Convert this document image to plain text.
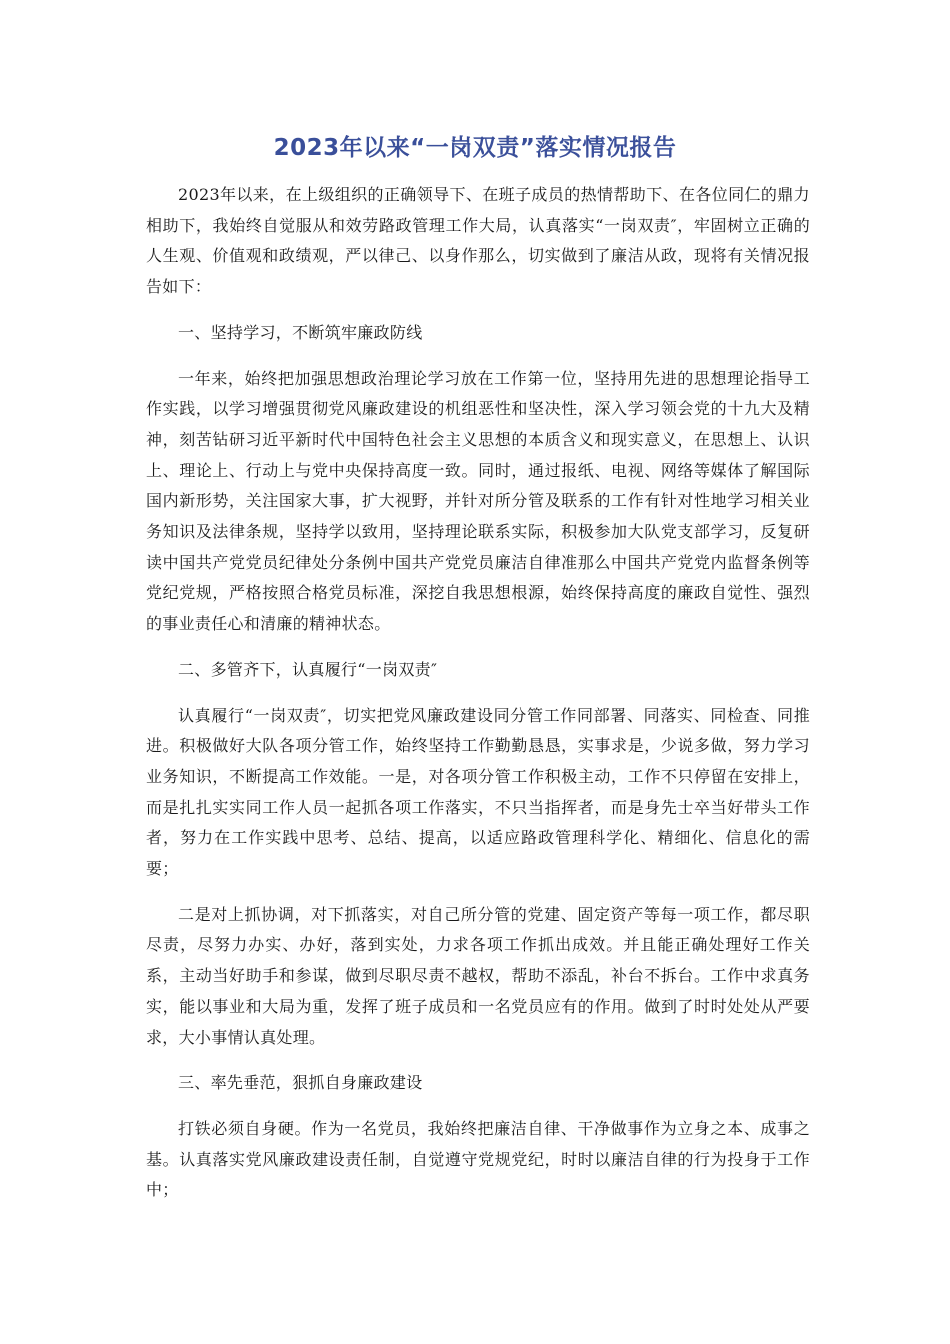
2023年以来“一岗双责”落实情况报告

2023年以来，在上级组织的正确领导下、在班子成员的热情帮助下、在各位同仁的鼎力相助下，我始终自觉服从和效劳路政管理工作大局，认真落实“一岗双责″，牢固树立正确的人生观、价值观和政绩观，严以律己、以身作那么，切实做到了廉洁从政，现将有关情况报告如下：

一、坚持学习，不断筑牢廉政防线

一年来，始终把加强思想政治理论学习放在工作第一位，坚持用先进的思想理论指导工作实践，以学习增强贯彻党风廉政建设的机组恶性和坚决性，深入学习领会党的十九大及精神，刻苦钻研习近平新时代中国特色社会主义思想的本质含义和现实意义，在思想上、认识上、理论上、行动上与党中央保持高度一致。同时，通过报纸、电视、网络等媒体了解国际国内新形势，关注国家大事，扩大视野，并针对所分管及联系的工作有针对性地学习相关业务知识及法律条规，坚持学以致用，坚持理论联系实际，积极参加大队党支部学习，反复研读中国共产党党员纪律处分条例中国共产党党员廉洁自律准那么中国共产党党内监督条例等党纪党规，严格按照合格党员标准，深挖自我思想根源，始终保持高度的廉政自觉性、强烈的事业责任心和清廉的精神状态。

二、多管齐下，认真履行“一岗双责″

认真履行“一岗双责″，切实把党风廉政建设同分管工作同部署、同落实、同检查、同推进。积极做好大队各项分管工作，始终坚持工作勤勤恳恳，实事求是，少说多做，努力学习业务知识，不断提高工作效能。一是，对各项分管工作积极主动，工作不只停留在安排上，而是扎扎实实同工作人员一起抓各项工作落实，不只当指挥者，而是身先士卒当好带头工作者，努力在工作实践中思考、总结、提高，以适应路政管理科学化、精细化、信息化的需要；

二是对上抓协调，对下抓落实，对自己所分管的党建、固定资产等每一项工作，都尽职尽责，尽努力办实、办好，落到实处，力求各项工作抓出成效。并且能正确处理好工作关系，主动当好助手和参谋，做到尽职尽责不越权，帮助不添乱，补台不拆台。工作中求真务实，能以事业和大局为重，发挥了班子成员和一名党员应有的作用。做到了时时处处从严要求，大小事情认真处理。

三、率先垂范，狠抓自身廉政建设

打铁必须自身硬。作为一名党员，我始终把廉洁自律、干净做事作为立身之本、成事之基。认真落实党风廉政建设责任制，自觉遵守党规党纪，时时以廉洁自律的行为投身于工作中；
